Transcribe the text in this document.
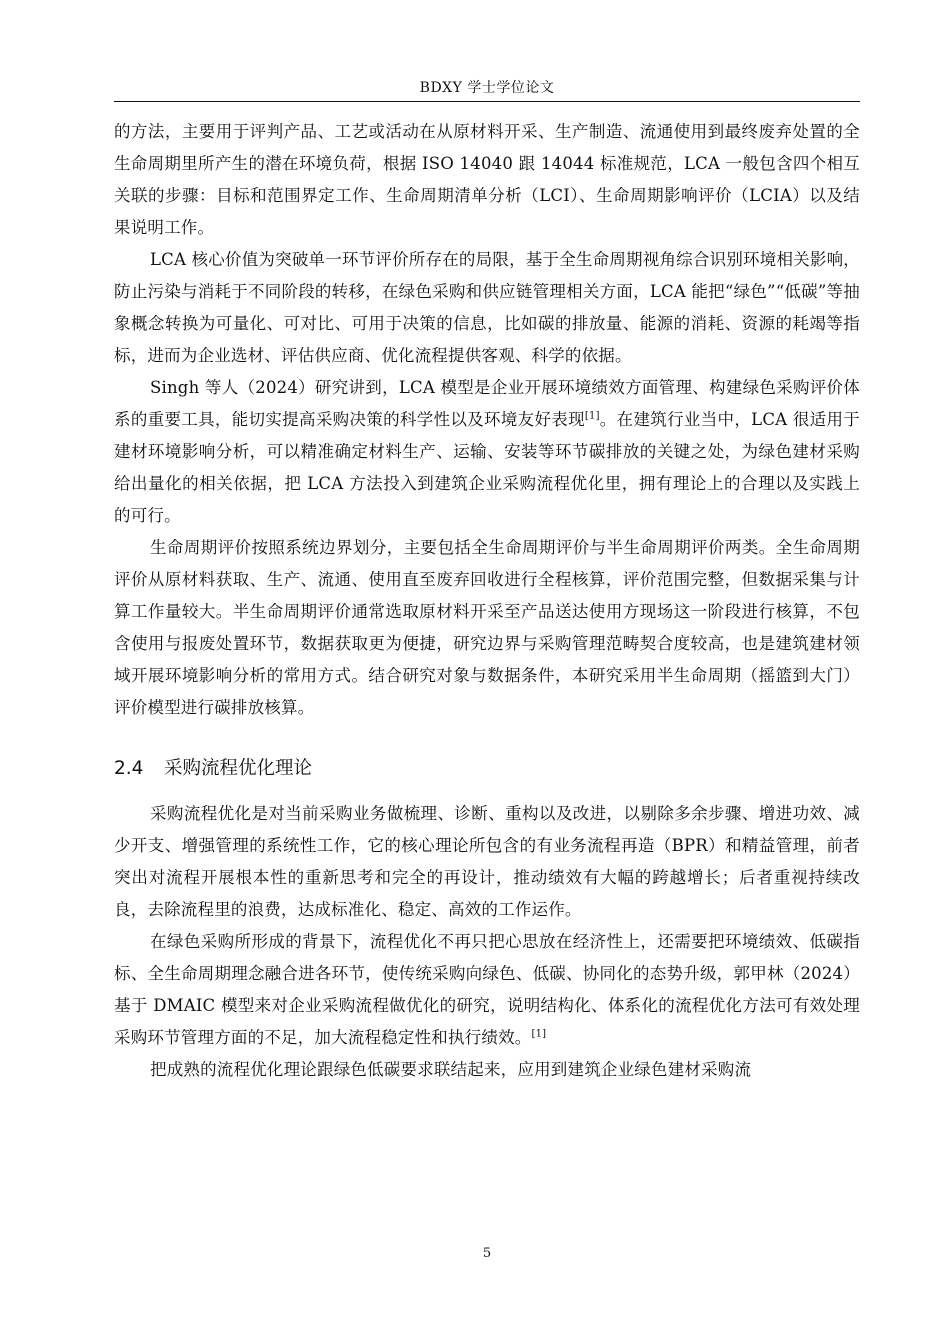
BDXY 学士学位论文

的方法，主要用于评判产品、工艺或活动在从原材料开采、生产制造、流通使用到最终废弃处置的全生命周期里所产生的潜在环境负荷，根据 ISO 14040 跟 14044 标准规范，LCA 一般包含四个相互关联的步骤：目标和范围界定工作、生命周期清单分析（LCI）、生命周期影响评价（LCIA）以及结果说明工作。

LCA 核心价值为突破单一环节评价所存在的局限，基于全生命周期视角综合识别环境相关影响，防止污染与消耗于不同阶段的转移，在绿色采购和供应链管理相关方面，LCA 能把“绿色”“低碳”等抽象概念转换为可量化、可对比、可用于决策的信息，比如碳的排放量、能源的消耗、资源的耗竭等指标，进而为企业选材、评估供应商、优化流程提供客观、科学的依据。

Singh 等人（2024）研究讲到，LCA 模型是企业开展环境绩效方面管理、构建绿色采购评价体系的重要工具，能切实提高采购决策的科学性以及环境友好表现[1]。在建筑行业当中，LCA 很适用于建材环境影响分析，可以精准确定材料生产、运输、安装等环节碳排放的关键之处，为绿色建材采购给出量化的相关依据，把 LCA 方法投入到建筑企业采购流程优化里，拥有理论上的合理以及实践上的可行。

生命周期评价按照系统边界划分，主要包括全生命周期评价与半生命周期评价两类。全生命周期评价从原材料获取、生产、流通、使用直至废弃回收进行全程核算，评价范围完整，但数据采集与计算工作量较大。半生命周期评价通常选取原材料开采至产品送达使用方现场这一阶段进行核算，不包含使用与报废处置环节，数据获取更为便捷，研究边界与采购管理范畴契合度较高，也是建筑建材领域开展环境影响分析的常用方式。结合研究对象与数据条件，本研究采用半生命周期（摇篮到大门）评价模型进行碳排放核算。

2.4 采购流程优化理论

采购流程优化是对当前采购业务做梳理、诊断、重构以及改进，以剔除多余步骤、增进功效、减少开支、增强管理的系统性工作，它的核心理论所包含的有业务流程再造（BPR）和精益管理，前者突出对流程开展根本性的重新思考和完全的再设计，推动绩效有大幅的跨越增长；后者重视持续改良，去除流程里的浪费，达成标准化、稳定、高效的工作运作。

在绿色采购所形成的背景下，流程优化不再只把心思放在经济性上，还需要把环境绩效、低碳指标、全生命周期理念融合进各环节，使传统采购向绿色、低碳、协同化的态势升级，郭甲林（2024）基于 DMAIC 模型来对企业采购流程做优化的研究，说明结构化、体系化的流程优化方法可有效处理采购环节管理方面的不足，加大流程稳定性和执行绩效。[1]

把成熟的流程优化理论跟绿色低碳要求联结起来，应用到建筑企业绿色建材采购流

5
